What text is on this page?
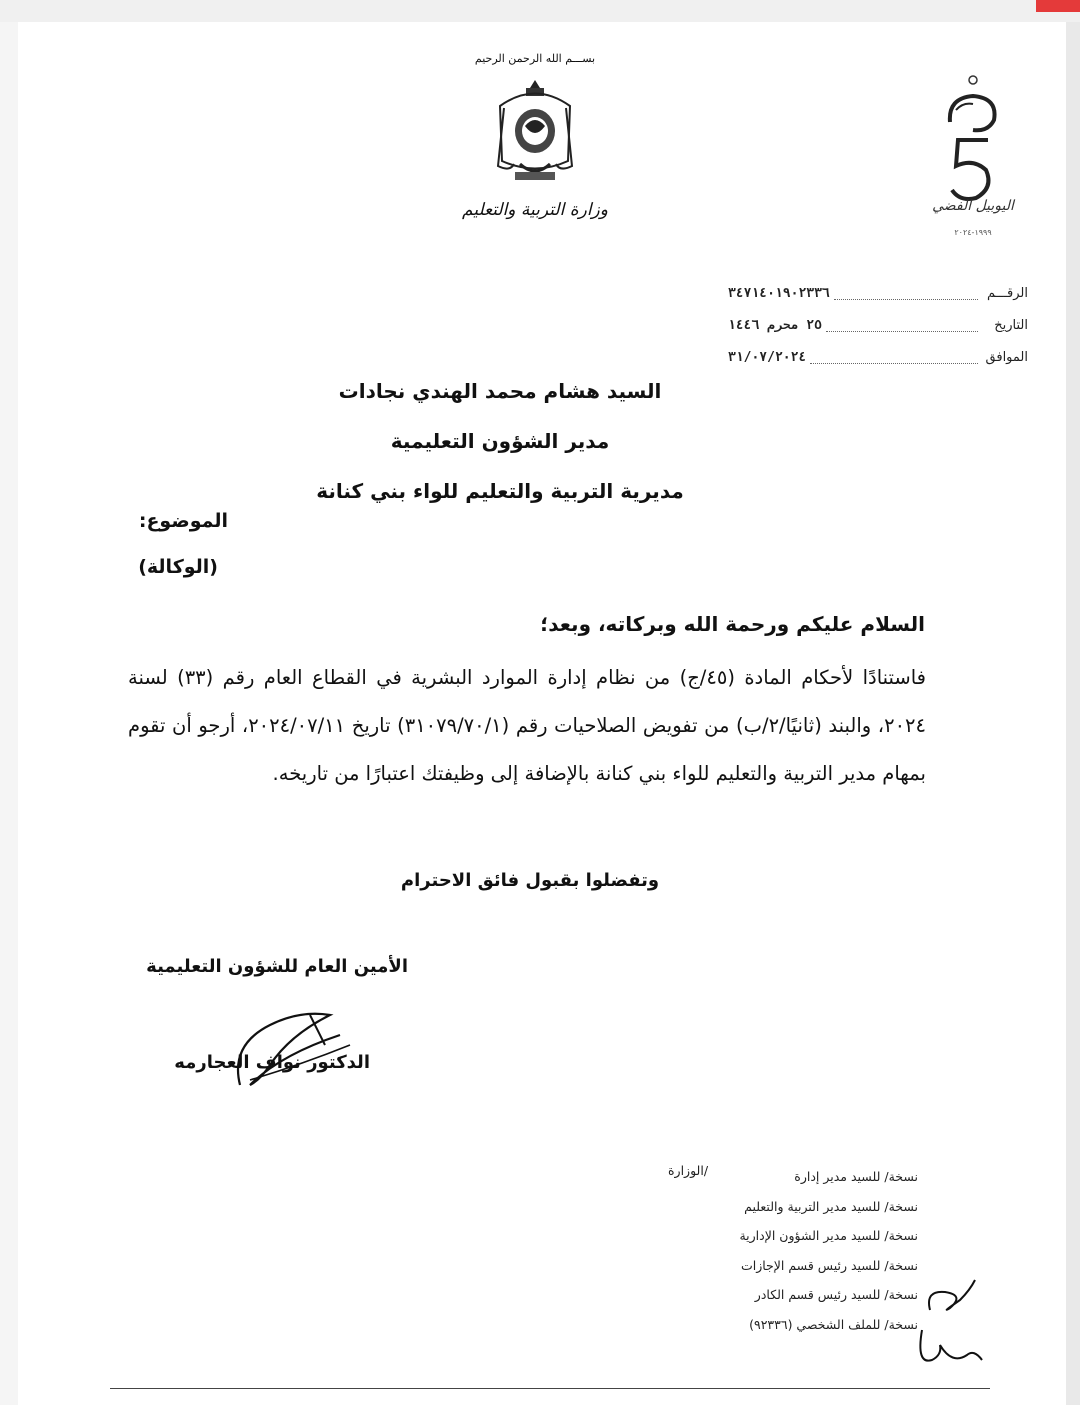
بســـم الله الرحمن الرحيم
وزارة التربية والتعليم	اليوبيل الفضي
١٩٩٩-٢٠٢٤
الرقـــم
٣٤٧١٤٠١٩٠٢٣٣٦
التاريخ
٢٥ محرم ١٤٤٦
الموافق
٣١/٠٧/٢٠٢٤
السيد هشام محمد الهندي نجادات
مدير الشؤون التعليمية
مديرية التربية والتعليم للواء بني كنانة
الموضوع:
(الوكالة)
السلام عليكم ورحمة الله وبركاته، وبعد؛
فاستنادًا لأحكام المادة (٤٥/ج) من نظام إدارة الموارد البشرية في القطاع العام رقم (٣٣) لسنة ٢٠٢٤، والبند (ثانيًا/٢/ب) من تفويض الصلاحيات رقم (٣١٠٧٩/٧٠/١) تاريخ ٢٠٢٤/٠٧/١١، أرجو أن تقوم بمهام مدير التربية والتعليم للواء بني كنانة بالإضافة إلى وظيفتك اعتبارًا من تاريخه.
وتفضلوا بقبول فائق الاحترام
الأمين العام للشؤون التعليمية
الدكتور نواف العجارمه
/الوزارة	نسخة/ للسيد مدير إدارة
نسخة/ للسيد مدير التربية والتعليم
نسخة/ للسيد مدير الشؤون الإدارية
نسخة/ للسيد رئيس قسم الإجازات
نسخة/ للسيد رئيس قسم الكادر
نسخة/ للملف الشخصي (٩٢٣٣٦)
